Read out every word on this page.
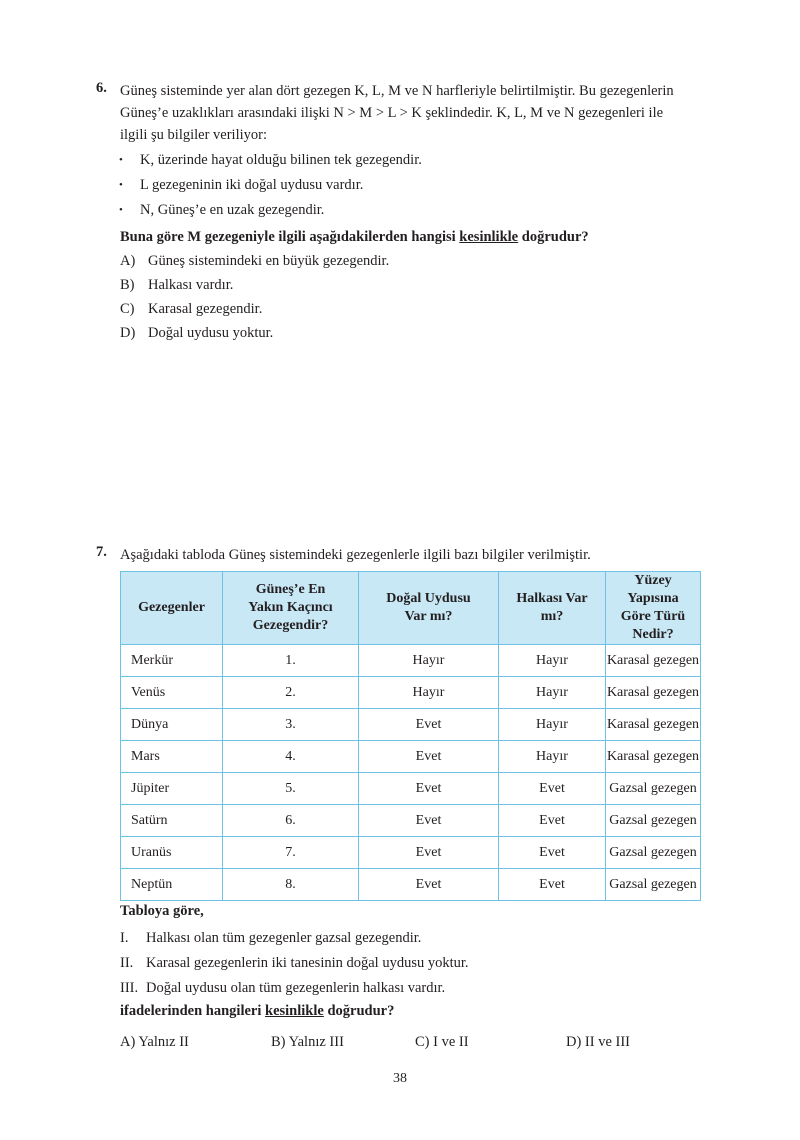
6. Güneş sisteminde yer alan dört gezegen K, L, M ve N harfleriyle belirtilmiştir. Bu gezegenlerin
Güneş’e uzaklıkları arasındaki ilişki N > M > L > K şeklindedir. K, L, M ve N gezegenleri ile
ilgili şu bilgiler veriliyor:
• K, üzerinde hayat olduğu bilinen tek gezegendir.
• L gezegeninin iki doğal uydusu vardır.
• N, Güneş’e en uzak gezegendir.
Buna göre M gezegeniyle ilgili aşağıdakilerden hangisi kesinlikle doğrudur?
A) Güneş sistemindeki en büyük gezegendir.
B) Halkası vardır.
C) Karasal gezegendir.
D) Doğal uydusu yoktur.
7. Aşağıdaki tabloda Güneş sistemindeki gezegenlerle ilgili bazı bilgiler verilmiştir.
Gezegenler	Güneş’e En
Yakın Kaçıncı
Gezegendir?	Doğal Uydusu
Var mı?	Halkası Var
mı?	Yüzey Yapısına
Göre Türü Nedir?
Merkür	1.	Hayır	Hayır	Karasal gezegen
Venüs	2.	Hayır	Hayır	Karasal gezegen
Dünya	3.	Evet	Hayır	Karasal gezegen
Mars	4.	Evet	Hayır	Karasal gezegen
Jüpiter	5.	Evet	Evet	Gazsal gezegen
Satürn	6.	Evet	Evet	Gazsal gezegen
Uranüs	7.	Evet	Evet	Gazsal gezegen
Neptün	8.	Evet	Evet	Gazsal gezegen
Tabloya göre,
I. Halkası olan tüm gezegenler gazsal gezegendir.
II. Karasal gezegenlerin iki tanesinin doğal uydusu yoktur.
III. Doğal uydusu olan tüm gezegenlerin halkası vardır.
ifadelerinden hangileri kesinlikle doğrudur?
A) Yalnız II	B) Yalnız III	C) I ve II	D) II ve III
38
